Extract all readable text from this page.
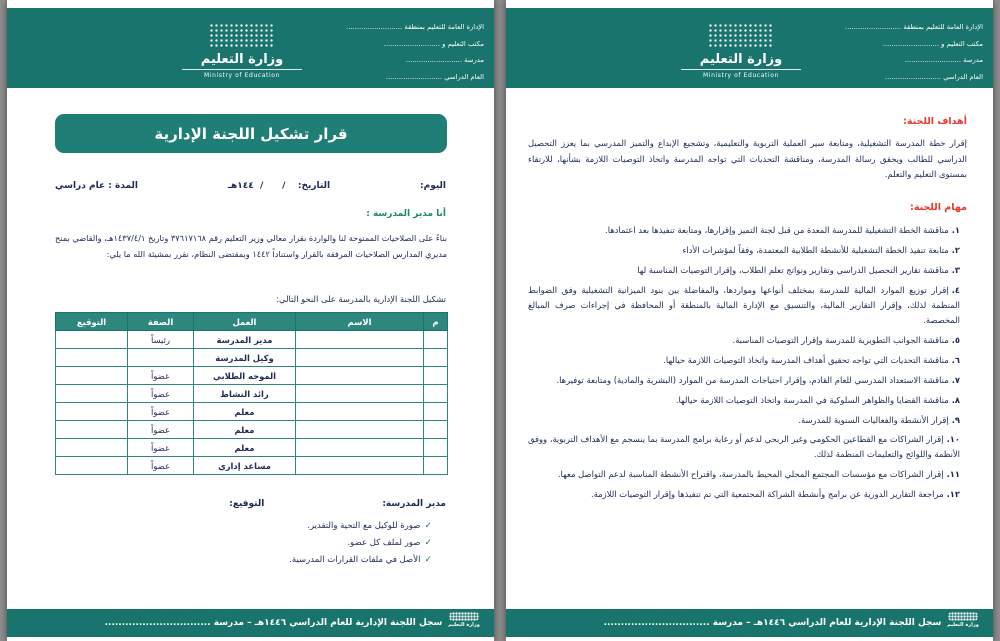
وزارة التعليم
Ministry of Education
الإدارة العامة للتعليم بمنطقة ..........................
مكتب التعليم و ..........................
مدرسة ..........................
العام الدراسي ..........................
قرار تشكيل اللجنة الإدارية
اليوم:
التاريخ:    /      /  ١٤٤هـ
المدة : عام دراسي
أنا مدير المدرسة :
بناءً على الصلاحيات الممنوحة لنا والواردة بقرار معالي وزير التعليم رقم ٣٧٦١٧١٦٨ وتاريخ ١٤٣٧/٤/١هـ، والقاضي بمنح مديري المدارس الصلاحيات المرفقة بالقرار واستناداً ١٤٤٢ وبمقتضى النظام، نقرر بمشيئة الله ما يلي:
تشكيل اللجنة الإدارية بالمدرسة على النحو التالي:
م	الاسم	العمل	الصفة	التوقيع
		مدير المدرسة	رئيساً	
		وكيل المدرسة		
		الموجه الطلابي	عضواً	
		رائد النشاط	عضواً	
		معلم	عضواً	
		معلم	عضواً	
		معلم	عضواً	
		مساعد إداري	عضواً	
مدير المدرسة:
التوقيع:
✓صورة للوكيل مع التحية والتقدير.
✓صور لملف كل عضو.
✓الأصل في ملفات القرارات المدرسية.
سجل اللجنة الإدارية للعام الدراسي ١٤٤٦هـ – مدرسة ...............................	وزارة التعليم
وزارة التعليم
Ministry of Education
الإدارة العامة للتعليم بمنطقة ..........................
مكتب التعليم و ..........................
مدرسة ..........................
العام الدراسي ..........................
أهداف اللجنة:
إقرار خطة المدرسة التشغيلية، ومتابعة سير العملية التربوية والتعليمية، وتشجيع الإبداع والتميز المدرسي بما يعزز التحصيل الدراسي للطالب ويحقق رسالة المدرسة، ومناقشة التحديات التي تواجه المدرسة واتخاذ التوصيات اللازمة بشأنها، للارتقاء بمستوى التعليم والتعلم.
مهام اللجنة:
١.مناقشة الخطة التشغيلية للمدرسة المعدة من قبل لجنة التميز وإقرارها، ومتابعة تنفيذها بعد اعتمادها.
٢.متابعة تنفيذ الخطة التشغيلية للأنشطة الطلابية المعتمدة، وفقاً لمؤشرات الأداء
٣.مناقشة تقارير التحصيل الدراسي وتقارير ونواتج تعلم الطلاب، وإقرار التوصيات المناسبة لها
٤.إقرار توزيع الموارد المالية للمدرسة بمختلف أنواعها ومواردها، والمفاضلة بين بنود الميزانية التشغيلية وفق الضوابط المنظمة لذلك، وإقرار التقارير المالية، والتنسيق مع الإدارة المالية بالمنطقة أو المحافظة في إجراءات صرف المبالغ المخصصة.
٥.مناقشة الجوانب التطويرية للمدرسة وإقرار التوصيات المناسبة.
٦.مناقشة التحديات التي تواجه تحقيق أهداف المدرسة واتخاذ التوصيات اللازمة حيالها.
٧.مناقشة الاستعداد المدرسي للعام القادم، وإقرار احتياجات المدرسة من الموارد (البشرية والمادية) ومتابعة توفيرها.
٨.مناقشة القضايا والظواهر السلوكية في المدرسة واتخاذ التوصيات اللازمة حيالها.
٩.إقرار الأنشطة والفعاليات السنوية للمدرسة.
١٠.إقرار الشراكات مع القطاعين الحكومي وغير الربحي لدعم أو رعاية برامج المدرسة بما ينسجم مع الأهداف التربوية، ووفق الأنظمة واللوائح والتعليمات المنظمة لذلك.
١١.إقرار الشراكات مع مؤسسات المجتمع المحلي المحيط بالمدرسة، واقتراح الأنشطة المناسبة لدعم التواصل معها.
١٢.مراجعة التقارير الدورية عن برامج وأنشطة الشراكة المجتمعية التي تم تنفيذها وإقرار التوصيات اللازمة.
سجل اللجنة الإدارية للعام الدراسي ١٤٤٦هـ – مدرسة ...............................	وزارة التعليم
